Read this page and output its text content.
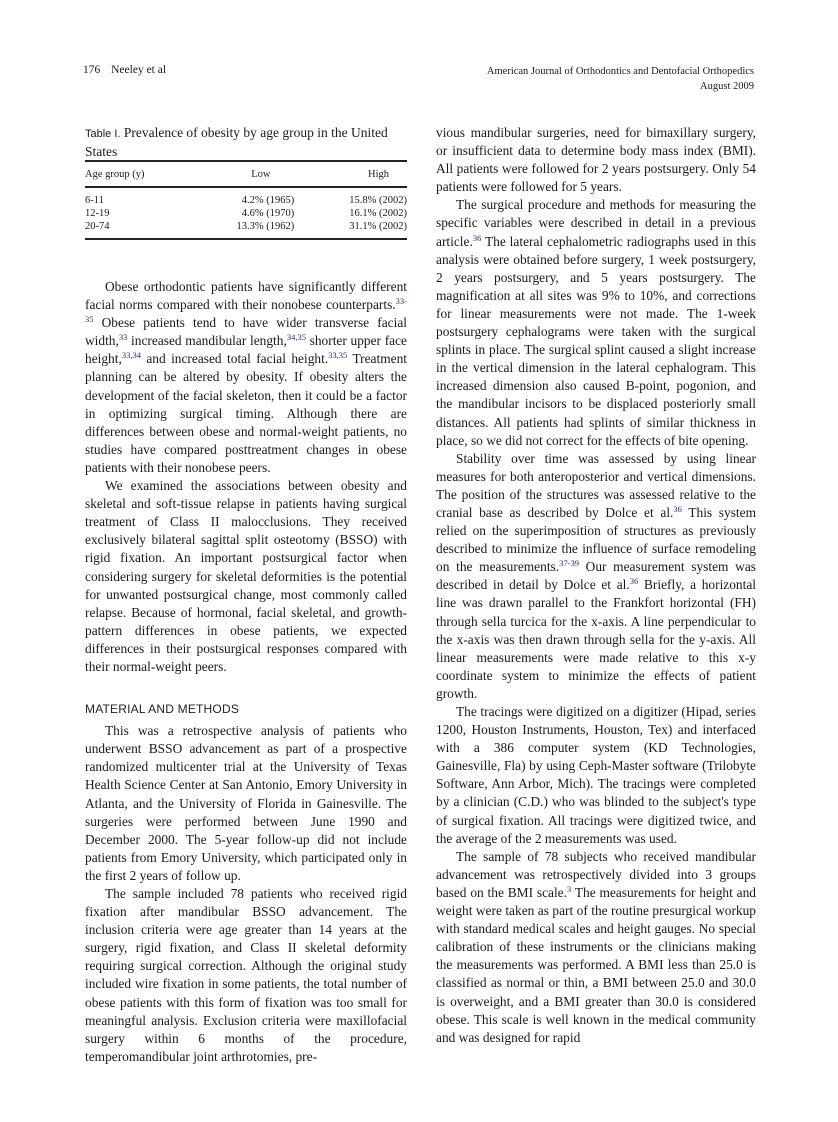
176 Neeley et al	American Journal of Orthodontics and Dentofacial Orthopedics
August 2009

Table I. Prevalence of obesity by age group in the United States

Age group (y)	Low	High
6-11	4.2% (1965)	15.8% (2002)
12-19	4.6% (1970)	16.1% (2002)
20-74	13.3% (1962)	31.1% (2002)

Obese orthodontic patients have significantly different facial norms compared with their nonobese counterparts.$^{33-35}$ Obese patients tend to have wider transverse facial width,$^{33}$ increased mandibular length,$^{34,35}$ shorter upper face height,$^{33,34}$ and increased total facial height.$^{33,35}$ Treatment planning can be altered by obesity. If obesity alters the development of the facial skeleton, then it could be a factor in optimizing surgical timing. Although there are differences between obese and normal-weight patients, no studies have compared posttreatment changes in obese patients with their nonobese peers.

We examined the associations between obesity and skeletal and soft-tissue relapse in patients having surgical treatment of Class II malocclusions. They received exclusively bilateral sagittal split osteotomy (BSSO) with rigid fixation. An important postsurgical factor when considering surgery for skeletal deformities is the potential for unwanted postsurgical change, most commonly called relapse. Because of hormonal, facial skeletal, and growth-pattern differences in obese patients, we expected differences in their postsurgical responses compared with their normal-weight peers.

MATERIAL AND METHODS

This was a retrospective analysis of patients who underwent BSSO advancement as part of a prospective randomized multicenter trial at the University of Texas Health Science Center at San Antonio, Emory University in Atlanta, and the University of Florida in Gainesville. The surgeries were performed between June 1990 and December 2000. The 5-year follow-up did not include patients from Emory University, which participated only in the first 2 years of follow up.

The sample included 78 patients who received rigid fixation after mandibular BSSO advancement. The inclusion criteria were age greater than 14 years at the surgery, rigid fixation, and Class II skeletal deformity requiring surgical correction. Although the original study included wire fixation in some patients, the total number of obese patients with this form of fixation was too small for meaningful analysis. Exclusion criteria were maxillofacial surgery within 6 months of the procedure, temperomandibular joint arthrotomies, pre-

vious mandibular surgeries, need for bimaxillary surgery, or insufficient data to determine body mass index (BMI). All patients were followed for 2 years postsurgery. Only 54 patients were followed for 5 years.

The surgical procedure and methods for measuring the specific variables were described in detail in a previous article.$^{36}$ The lateral cephalometric radiographs used in this analysis were obtained before surgery, 1 week postsurgery, 2 years postsurgery, and 5 years postsurgery. The magnification at all sites was 9% to 10%, and corrections for linear measurements were not made. The 1-week postsurgery cephalograms were taken with the surgical splints in place. The surgical splint caused a slight increase in the vertical dimension in the lateral cephalogram. This increased dimension also caused B-point, pogonion, and the mandibular incisors to be displaced posteriorly small distances. All patients had splints of similar thickness in place, so we did not correct for the effects of bite opening.

Stability over time was assessed by using linear measures for both anteroposterior and vertical dimensions. The position of the structures was assessed relative to the cranial base as described by Dolce et al.$^{36}$ This system relied on the superimposition of structures as previously described to minimize the influence of surface remodeling on the measurements.$^{37-39}$ Our measurement system was described in detail by Dolce et al.$^{36}$ Briefly, a horizontal line was drawn parallel to the Frankfort horizontal (FH) through sella turcica for the x-axis. A line perpendicular to the x-axis was then drawn through sella for the y-axis. All linear measurements were made relative to this x-y coordinate system to minimize the effects of patient growth.

The tracings were digitized on a digitizer (Hipad, series 1200, Houston Instruments, Houston, Tex) and interfaced with a 386 computer system (KD Technologies, Gainesville, Fla) by using Ceph-Master software (Trilobyte Software, Ann Arbor, Mich). The tracings were completed by a clinician (C.D.) who was blinded to the subject's type of surgical fixation. All tracings were digitized twice, and the average of the 2 measurements was used.

The sample of 78 subjects who received mandibular advancement was retrospectively divided into 3 groups based on the BMI scale.$^3$ The measurements for height and weight were taken as part of the routine presurgical workup with standard medical scales and height gauges. No special calibration of these instruments or the clinicians making the measurements was performed. A BMI less than 25.0 is classified as normal or thin, a BMI between 25.0 and 30.0 is overweight, and a BMI greater than 30.0 is considered obese. This scale is well known in the medical community and was designed for rapid
